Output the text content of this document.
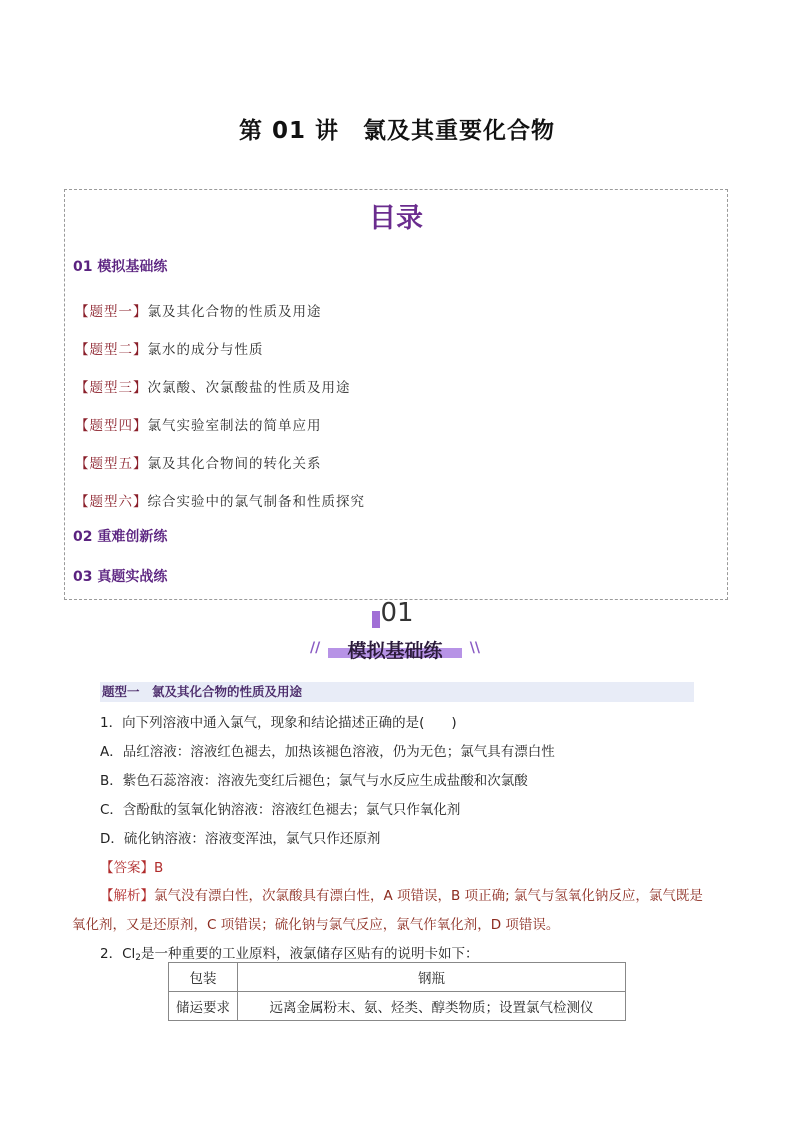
第 01 讲　氯及其重要化合物
目录
01 模拟基础练
【题型一】氯及其化合物的性质及用途
【题型二】氯水的成分与性质
【题型三】次氯酸、次氯酸盐的性质及用途
【题型四】氯气实验室制法的简单应用
【题型五】氯及其化合物间的转化关系
【题型六】综合实验中的氯气制备和性质探究
02 重难创新练
03 真题实战练
01
//	模拟基础练	\\
题型一　氯及其化合物的性质及用途
1．向下列溶液中通入氯气，现象和结论描述正确的是(　　)
A．品红溶液：溶液红色褪去，加热该褪色溶液，仍为无色；氯气具有漂白性
B．紫色石蕊溶液：溶液先变红后褪色；氯气与水反应生成盐酸和次氯酸
C．含酚酞的氢氧化钠溶液：溶液红色褪去；氯气只作氧化剂
D．硫化钠溶液：溶液变浑浊，氯气只作还原剂
【答案】B
【解析】氯气没有漂白性，次氯酸具有漂白性，A 项错误，B 项正确; 氯气与氢氧化钠反应，氯气既是
氧化剂，又是还原剂，C 项错误；硫化钠与氯气反应，氯气作氧化剂，D 项错误。
2．Cl2是一种重要的工业原料，液氯储存区贴有的说明卡如下：
包装	钢瓶
储运要求	远离金属粉末、氨、烃类、醇类物质；设置氯气检测仪
